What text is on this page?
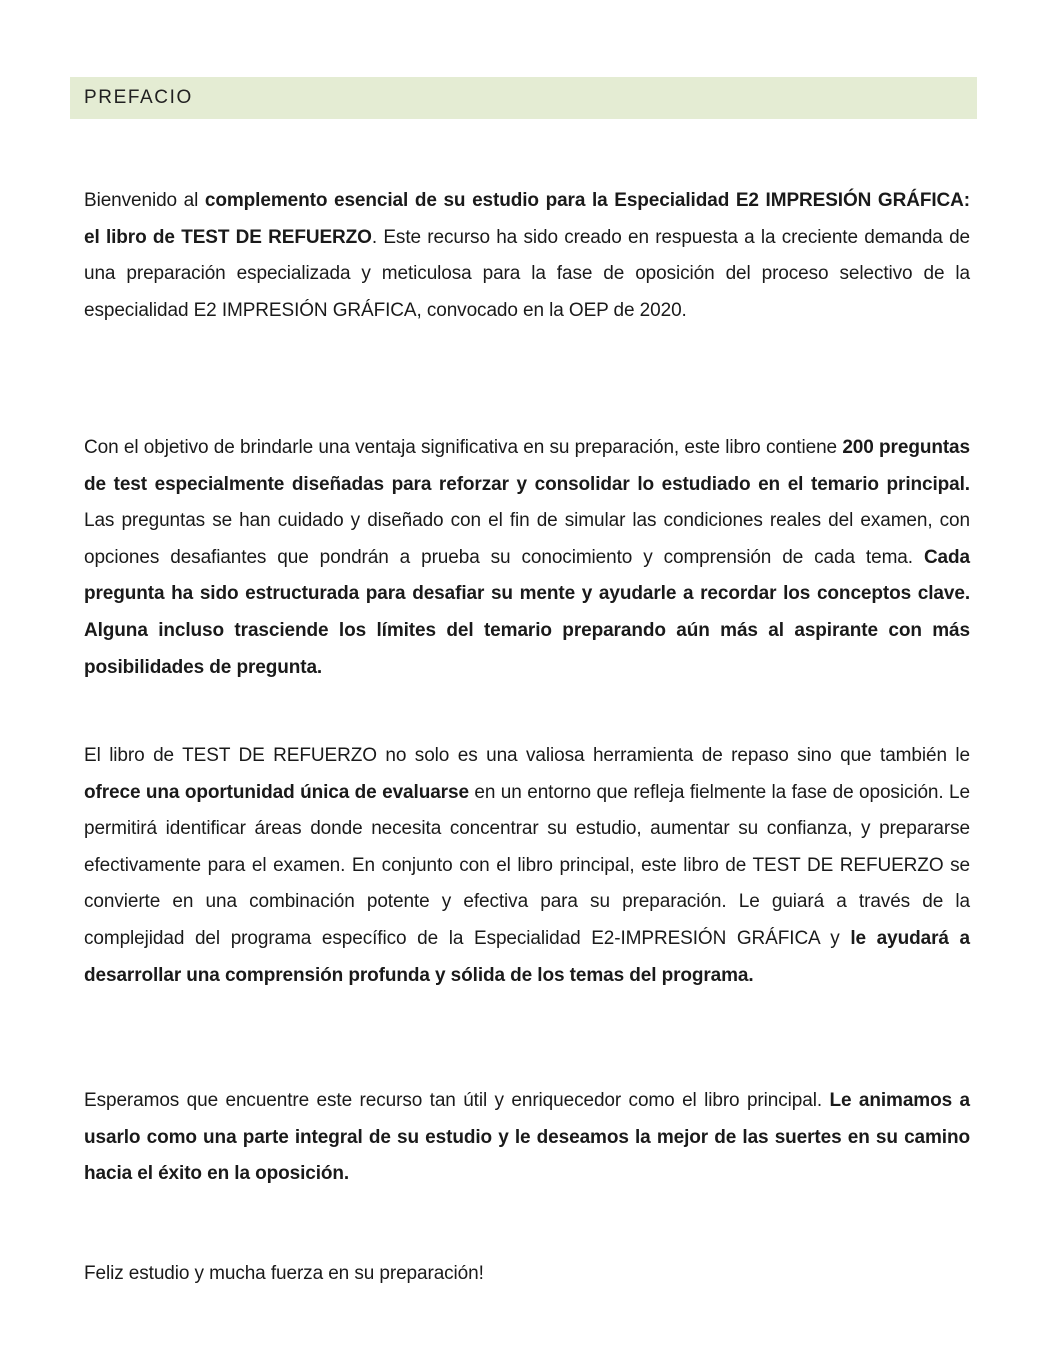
PREFACIO

Bienvenido al complemento esencial de su estudio para la Especialidad E2 IMPRESIÓN GRÁFICA: el libro de TEST DE REFUERZO. Este recurso ha sido creado en respuesta a la creciente demanda de una preparación especializada y meticulosa para la fase de oposición del proceso selectivo de la especialidad E2 IMPRESIÓN GRÁFICA, convocado en la OEP de 2020.

Con el objetivo de brindarle una ventaja significativa en su preparación, este libro contiene 200 preguntas de test especialmente diseñadas para reforzar y consolidar lo estudiado en el temario principal. Las preguntas se han cuidado y diseñado con el fin de simular las condiciones reales del examen, con opciones desafiantes que pondrán a prueba su conocimiento y comprensión de cada tema. Cada pregunta ha sido estructurada para desafiar su mente y ayudarle a recordar los conceptos clave. Alguna incluso trasciende los límites del temario preparando aún más al aspirante con más posibilidades de pregunta.

El libro de TEST DE REFUERZO no solo es una valiosa herramienta de repaso sino que también le ofrece una oportunidad única de evaluarse en un entorno que refleja fielmente la fase de oposición. Le permitirá identificar áreas donde necesita concentrar su estudio, aumentar su confianza, y prepararse efectivamente para el examen. En conjunto con el libro principal, este libro de TEST DE REFUERZO se convierte en una combinación potente y efectiva para su preparación. Le guiará a través de la complejidad del programa específico de la Especialidad E2-IMPRESIÓN GRÁFICA y le ayudará a desarrollar una comprensión profunda y sólida de los temas del programa.

Esperamos que encuentre este recurso tan útil y enriquecedor como el libro principal. Le animamos a usarlo como una parte integral de su estudio y le deseamos la mejor de las suertes en su camino hacia el éxito en la oposición.

Feliz estudio y mucha fuerza en su preparación!
